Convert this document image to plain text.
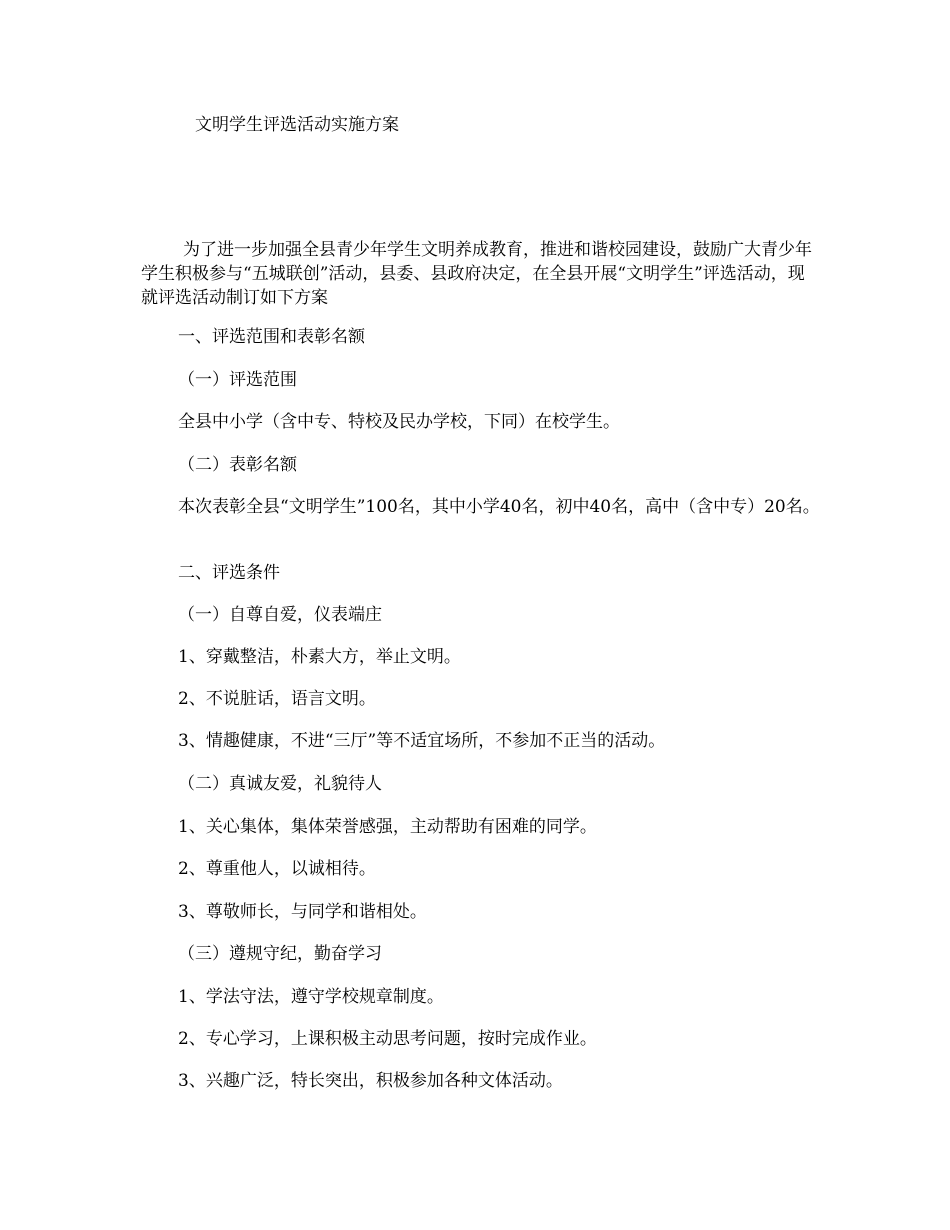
文明学生评选活动实施方案
为了进一步加强全县青少年学生文明养成教育，推进和谐校园建设，鼓励广大青少年学生积极参与“五城联创”活动，县委、县政府决定，在全县开展“文明学生”评选活动，现就评选活动制订如下方案
一、评选范围和表彰名额
（一）评选范围
全县中小学（含中专、特校及民办学校，下同）在校学生。
（二）表彰名额
本次表彰全县“文明学生”100名，其中小学40名，初中40名，高中（含中专）20名。
二、评选条件
（一）自尊自爱，仪表端庄
1、穿戴整洁，朴素大方，举止文明。
2、不说脏话，语言文明。
3、情趣健康，不进“三厅”等不适宜场所，不参加不正当的活动。
（二）真诚友爱，礼貌待人
1、关心集体，集体荣誉感强，主动帮助有困难的同学。
2、尊重他人，以诚相待。
3、尊敬师长，与同学和谐相处。
（三）遵规守纪，勤奋学习
1、学法守法，遵守学校规章制度。
2、专心学习，上课积极主动思考问题，按时完成作业。
3、兴趣广泛，特长突出，积极参加各种文体活动。
